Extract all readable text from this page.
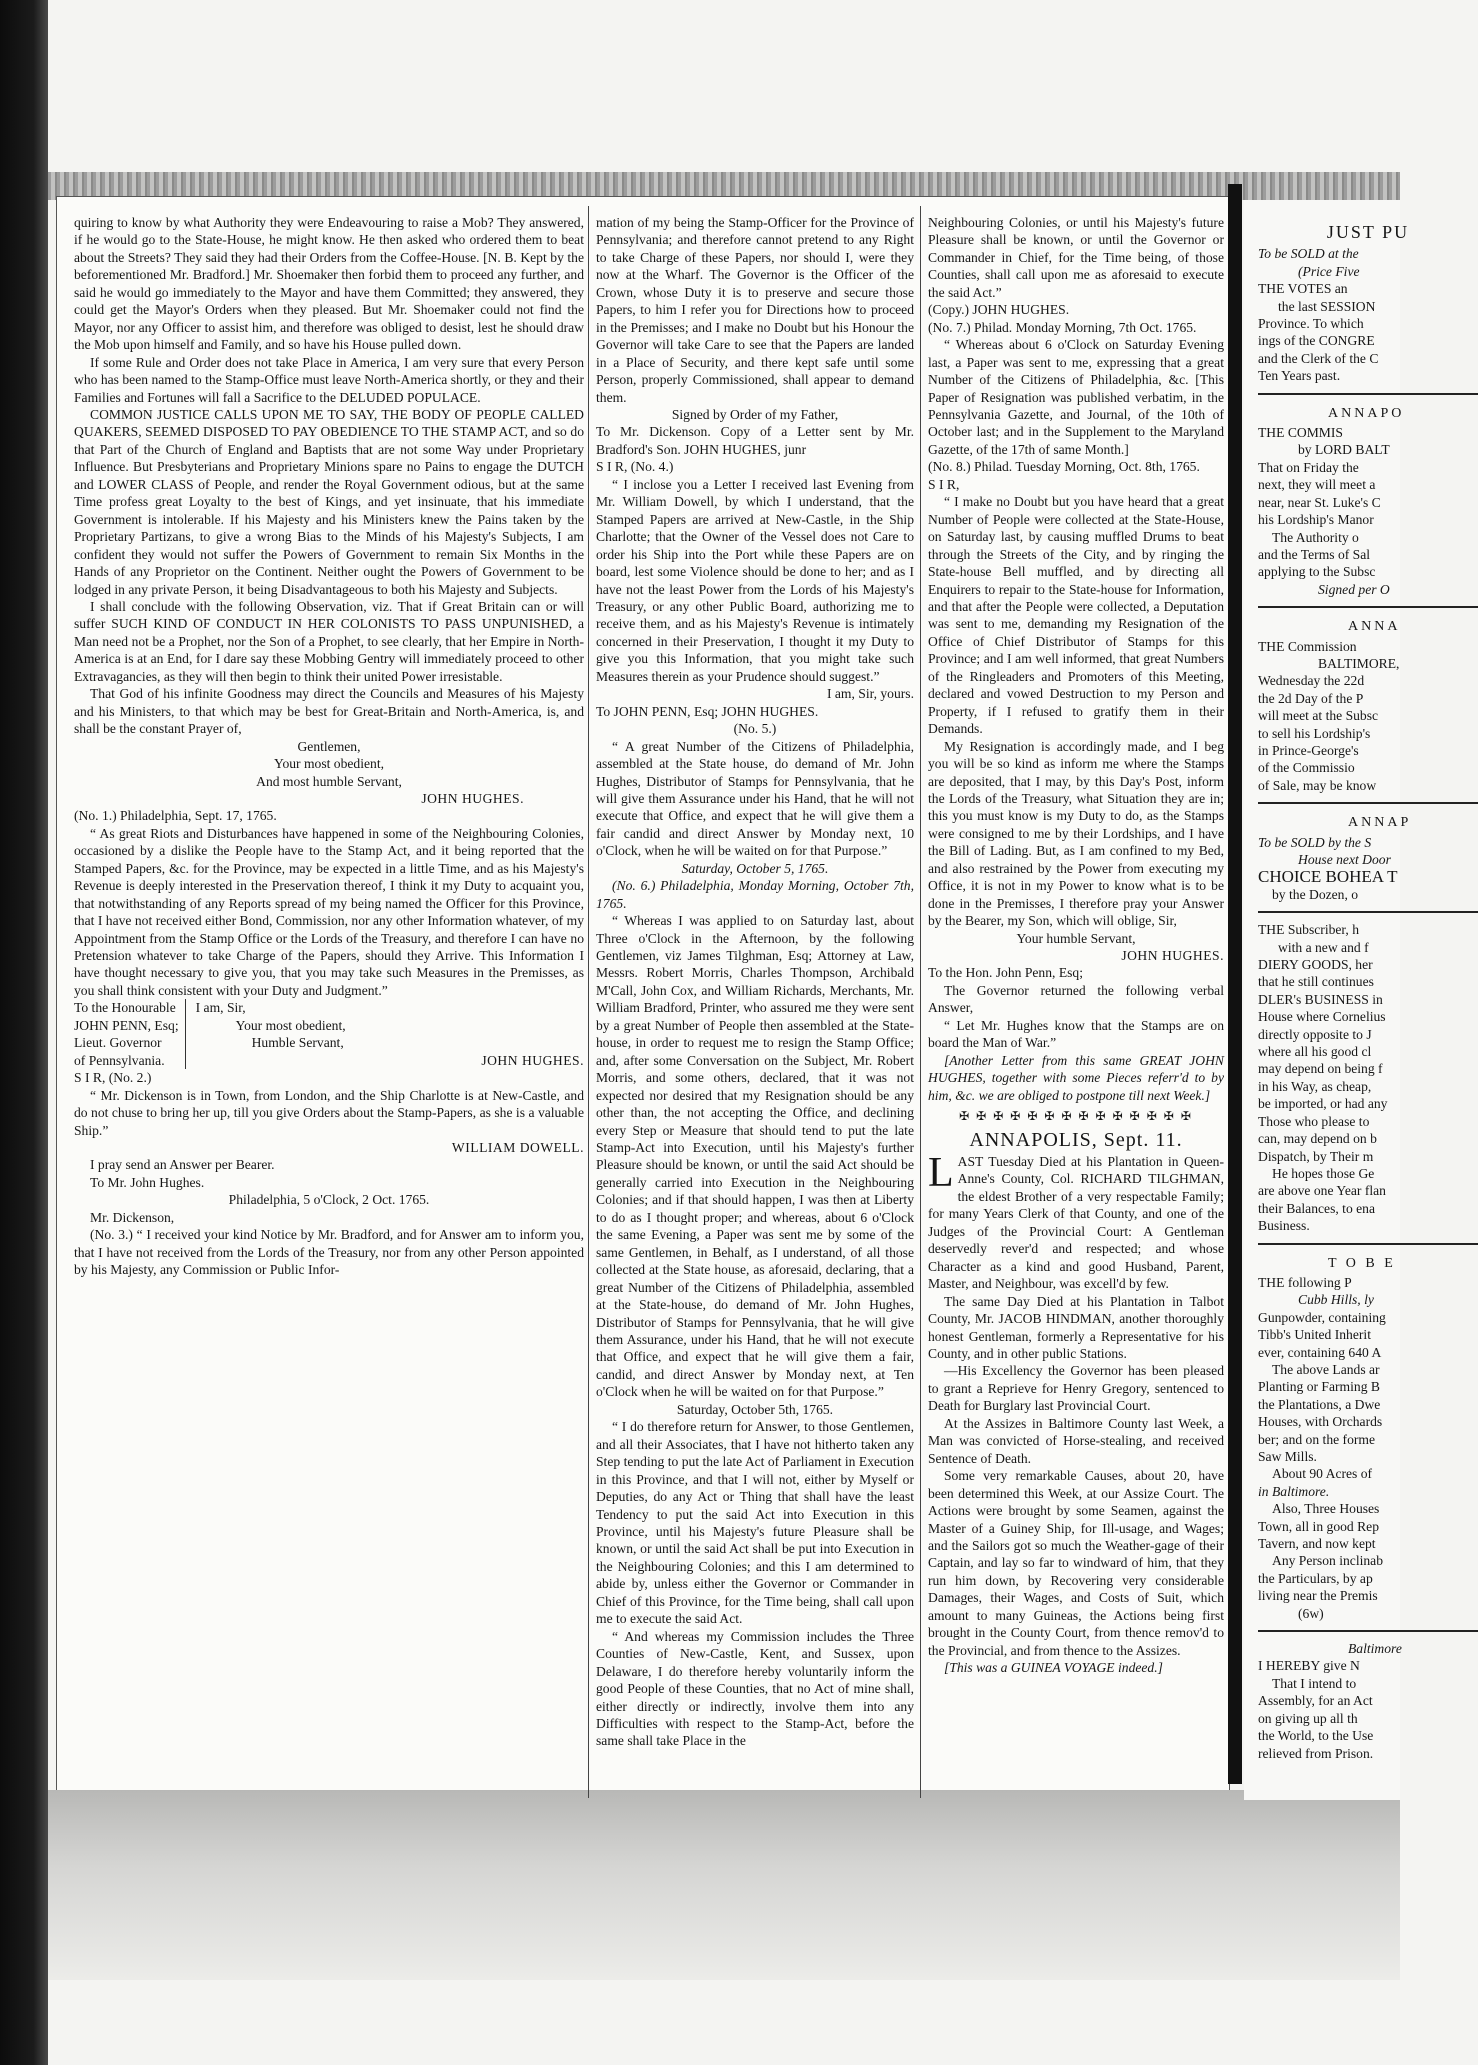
quiring to know by what Authority they were Endeavouring to raise a Mob? They answered, if he would go to the State-House, he might know. He then asked who ordered them to beat about the Streets? They said they had their Orders from the Coffee-House. [N. B. Kept by the beforementioned Mr. Bradford.] Mr. Shoemaker then forbid them to proceed any further, and said he would go immediately to the Mayor and have them Committed; they answered, they could get the Mayor's Orders when they pleased. But Mr. Shoemaker could not find the Mayor, nor any Officer to assist him, and therefore was obliged to desist, lest he should draw the Mob upon himself and Family, and so have his House pulled down.

If some Rule and Order does not take Place in America, I am very sure that every Person who has been named to the Stamp-Office must leave North-America shortly, or they and their Families and Fortunes will fall a Sacrifice to the DELUDED POPULACE.

COMMON JUSTICE CALLS UPON ME TO SAY, THE BODY OF PEOPLE CALLED QUAKERS, SEEMED DISPOSED TO PAY OBEDIENCE TO THE STAMP ACT, and so do that Part of the Church of England and Baptists that are not some Way under Proprietary Influence. But Presbyterians and Proprietary Minions spare no Pains to engage the DUTCH and LOWER CLASS of People, and render the Royal Government odious, but at the same Time profess great Loyalty to the best of Kings, and yet insinuate, that his immediate Government is intolerable. If his Majesty and his Ministers knew the Pains taken by the Proprietary Partizans, to give a wrong Bias to the Minds of his Majesty's Subjects, I am confident they would not suffer the Powers of Government to remain Six Months in the Hands of any Proprietor on the Continent. Neither ought the Powers of Government to be lodged in any private Person, it being Disadvantageous to both his Majesty and Subjects.

I shall conclude with the following Observation, viz. That if Great Britain can or will suffer SUCH KIND OF CONDUCT IN HER COLONISTS TO PASS UNPUNISHED, a Man need not be a Prophet, nor the Son of a Prophet, to see clearly, that her Empire in North-America is at an End, for I dare say these Mobbing Gentry will immediately proceed to other Extravagancies, as they will then begin to think their united Power irresistable.

That God of his infinite Goodness may direct the Councils and Measures of his Majesty and his Ministers, to that which may be best for Great-Britain and North-America, is, and shall be the constant Prayer of,

Gentlemen,

Your most obedient,

And most humble Servant,

JOHN HUGHES.

(No. 1.) Philadelphia, Sept. 17, 1765.

“ As great Riots and Disturbances have happened in some of the Neighbouring Colonies, occasioned by a dislike the People have to the Stamp Act, and it being reported that the Stamped Papers, &c. for the Province, may be expected in a little Time, and as his Majesty's Revenue is deeply interested in the Preservation thereof, I think it my Duty to acquaint you, that notwithstanding of any Reports spread of my being named the Officer for this Province, that I have not received either Bond, Commission, nor any other Information whatever, of my Appointment from the Stamp Office or the Lords of the Treasury, and therefore I can have no Pretension whatever to take Charge of the Papers, should they Arrive. This Information I have thought necessary to give you, that you may take such Measures in the Premisses, as you shall think consistent with your Duty and Judgment.”

To the Honourable
JOHN PENN, Esq;
Lieut. Governor
of Pennsylvania.
I am, Sir,
Your most obedient,
Humble Servant,
JOHN HUGHES.

S I R, (No. 2.)

“ Mr. Dickenson is in Town, from London, and the Ship Charlotte is at New-Castle, and do not chuse to bring her up, till you give Orders about the Stamp-Papers, as she is a valuable Ship.”

WILLIAM DOWELL.

I pray send an Answer per Bearer.

To Mr. John Hughes.

Philadelphia, 5 o'Clock, 2 Oct. 1765.

Mr. Dickenson,

(No. 3.) “ I received your kind Notice by Mr. Bradford, and for Answer am to inform you, that I have not received from the Lords of the Treasury, nor from any other Person appointed by his Majesty, any Commission or Public Infor-

mation of my being the Stamp-Officer for the Province of Pennsylvania; and therefore cannot pretend to any Right to take Charge of these Papers, nor should I, were they now at the Wharf. The Governor is the Officer of the Crown, whose Duty it is to preserve and secure those Papers, to him I refer you for Directions how to proceed in the Premisses; and I make no Doubt but his Honour the Governor will take Care to see that the Papers are landed in a Place of Security, and there kept safe until some Person, properly Commissioned, shall appear to demand them.

Signed by Order of my Father,

To Mr. Dickenson. Copy of a Letter sent by Mr. Bradford's Son. JOHN HUGHES, junr

S I R, (No. 4.)

“ I inclose you a Letter I received last Evening from Mr. William Dowell, by which I understand, that the Stamped Papers are arrived at New-Castle, in the Ship Charlotte; that the Owner of the Vessel does not Care to order his Ship into the Port while these Papers are on board, lest some Violence should be done to her; and as I have not the least Power from the Lords of his Majesty's Treasury, or any other Public Board, authorizing me to receive them, and as his Majesty's Revenue is intimately concerned in their Preservation, I thought it my Duty to give you this Information, that you might take such Measures therein as your Prudence should suggest.”

I am, Sir, yours.

To JOHN PENN, Esq; JOHN HUGHES.

(No. 5.)

“ A great Number of the Citizens of Philadelphia, assembled at the State house, do demand of Mr. John Hughes, Distributor of Stamps for Pennsylvania, that he will give them Assurance under his Hand, that he will not execute that Office, and expect that he will give them a fair candid and direct Answer by Monday next, 10 o'Clock, when he will be waited on for that Purpose.”

Saturday, October 5, 1765.

(No. 6.) Philadelphia, Monday Morning, October 7th, 1765.

“ Whereas I was applied to on Saturday last, about Three o'Clock in the Afternoon, by the following Gentlemen, viz James Tilghman, Esq; Attorney at Law, Messrs. Robert Morris, Charles Thompson, Archibald M'Call, John Cox, and William Richards, Merchants, Mr. William Bradford, Printer, who assured me they were sent by a great Number of People then assembled at the State-house, in order to request me to resign the Stamp Office; and, after some Conversation on the Subject, Mr. Robert Morris, and some others, declared, that it was not expected nor desired that my Resignation should be any other than, the not accepting the Office, and declining every Step or Measure that should tend to put the late Stamp-Act into Execution, until his Majesty's further Pleasure should be known, or until the said Act should be generally carried into Execution in the Neighbouring Colonies; and if that should happen, I was then at Liberty to do as I thought proper; and whereas, about 6 o'Clock the same Evening, a Paper was sent me by some of the same Gentlemen, in Behalf, as I understand, of all those collected at the State house, as aforesaid, declaring, that a great Number of the Citizens of Philadelphia, assembled at the State-house, do demand of Mr. John Hughes, Distributor of Stamps for Pennsylvania, that he will give them Assurance, under his Hand, that he will not execute that Office, and expect that he will give them a fair, candid, and direct Answer by Monday next, at Ten o'Clock when he will be waited on for that Purpose.”

Saturday, October 5th, 1765.

“ I do therefore return for Answer, to those Gentlemen, and all their Associates, that I have not hitherto taken any Step tending to put the late Act of Parliament in Execution in this Province, and that I will not, either by Myself or Deputies, do any Act or Thing that shall have the least Tendency to put the said Act into Execution in this Province, until his Majesty's future Pleasure shall be known, or until the said Act shall be put into Execution in the Neighbouring Colonies; and this I am determined to abide by, unless either the Governor or Commander in Chief of this Province, for the Time being, shall call upon me to execute the said Act.

“ And whereas my Commission includes the Three Counties of New-Castle, Kent, and Sussex, upon Delaware, I do therefore hereby voluntarily inform the good People of these Counties, that no Act of mine shall, either directly or indirectly, involve them into any Difficulties with respect to the Stamp-Act, before the same shall take Place in the

Neighbouring Colonies, or until his Majesty's future Pleasure shall be known, or until the Governor or Commander in Chief, for the Time being, of those Counties, shall call upon me as aforesaid to execute the said Act.”

(Copy.) JOHN HUGHES.

(No. 7.) Philad. Monday Morning, 7th Oct. 1765.

“ Whereas about 6 o'Clock on Saturday Evening last, a Paper was sent to me, expressing that a great Number of the Citizens of Philadelphia, &c. [This Paper of Resignation was published verbatim, in the Pennsylvania Gazette, and Journal, of the 10th of October last; and in the Supplement to the Maryland Gazette, of the 17th of same Month.]

(No. 8.) Philad. Tuesday Morning, Oct. 8th, 1765.

S I R,

“ I make no Doubt but you have heard that a great Number of People were collected at the State-House, on Saturday last, by causing muffled Drums to beat through the Streets of the City, and by ringing the State-house Bell muffled, and by directing all Enquirers to repair to the State-house for Information, and that after the People were collected, a Deputation was sent to me, demanding my Resignation of the Office of Chief Distributor of Stamps for this Province; and I am well informed, that great Numbers of the Ringleaders and Promoters of this Meeting, declared and vowed Destruction to my Person and Property, if I refused to gratify them in their Demands.

My Resignation is accordingly made, and I beg you will be so kind as inform me where the Stamps are deposited, that I may, by this Day's Post, inform the Lords of the Treasury, what Situation they are in; this you must know is my Duty to do, as the Stamps were consigned to me by their Lordships, and I have the Bill of Lading. But, as I am confined to my Bed, and also restrained by the Power from executing my Office, it is not in my Power to know what is to be done in the Premisses, I therefore pray your Answer by the Bearer, my Son, which will oblige, Sir,

Your humble Servant,

JOHN HUGHES.

To the Hon. John Penn, Esq;

The Governor returned the following verbal Answer,

“ Let Mr. Hughes know that the Stamps are on board the Man of War.”

[Another Letter from this same GREAT JOHN HUGHES, together with some Pieces referr'd to by him, &c. we are obliged to postpone till next Week.]

✠ ✠ ✠ ✠ ✠ ✠ ✠ ✠ ✠ ✠ ✠ ✠ ✠ ✠
ANNAPOLIS, Sept. 11.

LAST Tuesday Died at his Plantation in Queen-Anne's County, Col. RICHARD TILGHMAN, the eldest Brother of a very respectable Family; for many Years Clerk of that County, and one of the Judges of the Provincial Court: A Gentleman deservedly rever'd and respected; and whose Character as a kind and good Husband, Parent, Master, and Neighbour, was excell'd by few.

The same Day Died at his Plantation in Talbot County, Mr. JACOB HINDMAN, another thoroughly honest Gentleman, formerly a Representative for his County, and in other public Stations.

—His Excellency the Governor has been pleased to grant a Reprieve for Henry Gregory, sentenced to Death for Burglary last Provincial Court.

At the Assizes in Baltimore County last Week, a Man was convicted of Horse-stealing, and received Sentence of Death.

Some very remarkable Causes, about 20, have been determined this Week, at our Assize Court. The Actions were brought by some Seamen, against the Master of a Guiney Ship, for Ill-usage, and Wages; and the Sailors got so much the Weather-gage of their Captain, and lay so far to windward of him, that they run him down, by Recovering very considerable Damages, their Wages, and Costs of Suit, which amount to many Guineas, the Actions being first brought in the County Court, from thence remov'd to the Provincial, and from thence to the Assizes.

[This was a GUINEA VOYAGE indeed.]

JUST PU
To be SOLD at the
(Price Five
THE VOTES an
the last SESSION
Province. To which
ings of the CONGRE
and the Clerk of the C
Ten Years past.
ANNAPO
THE COMMIS
by LORD BALT
That on Friday the
next, they will meet a
near, near St. Luke's C
his Lordship's Manor
The Authority o
and the Terms of Sal
applying to the Subsc
Signed per O
ANNA
THE Commission
BALTIMORE,
Wednesday the 22d
the 2d Day of the P
will meet at the Subsc
to sell his Lordship's
in Prince-George's
of the Commissio
of Sale, may be know
ANNAP
To be SOLD by the S
House next Door
CHOICE BOHEA T
by the Dozen, o
THE Subscriber, h
with a new and f
DIERY GOODS, her
that he still continues
DLER's BUSINESS in
House where Cornelius
directly opposite to J
where all his good cl
may depend on being f
in his Way, as cheap,
be imported, or had any
Those who please to
can, may depend on b
Dispatch, by Their m
He hopes those Ge
are above one Year flan
their Balances, to ena
Business.
T O B E
THE following P
Cubb Hills, ly
Gunpowder, containing
Tibb's United Inherit
ever, containing 640 A
The above Lands ar
Planting or Farming B
the Plantations, a Dwe
Houses, with Orchards
ber; and on the forme
Saw Mills.
About 90 Acres of
in Baltimore.
Also, Three Houses
Town, all in good Rep
Tavern, and now kept
Any Person inclinab
the Particulars, by ap
living near the Premis
(6w)
Baltimore
I HEREBY give N
That I intend to
Assembly, for an Act
on giving up all th
the World, to the Use
relieved from Prison.
